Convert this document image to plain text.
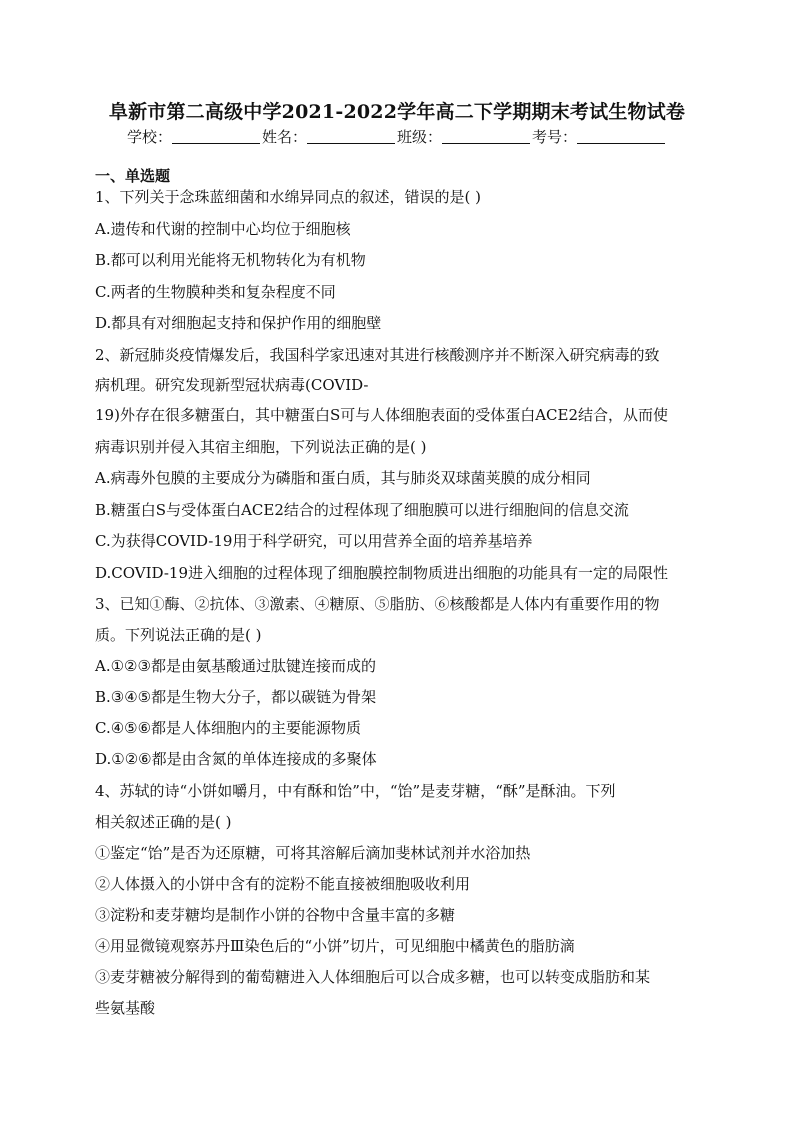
阜新市第二高级中学2021-2022学年高二下学期期末考试生物试卷
学校：	姓名：	班级：	考号：
一、单选题
1、下列关于念珠蓝细菌和水绵异同点的叙述，错误的是( )
A.遗传和代谢的控制中心均位于细胞核
B.都可以利用光能将无机物转化为有机物
C.两者的生物膜种类和复杂程度不同
D.都具有对细胞起支持和保护作用的细胞壁
2、新冠肺炎疫情爆发后，我国科学家迅速对其进行核酸测序并不断深入研究病毒的致
病机理。研究发现新型冠状病毒(COVID-
19)外存在很多糖蛋白，其中糖蛋白S可与人体细胞表面的受体蛋白ACE2结合，从而使
病毒识别并侵入其宿主细胞，下列说法正确的是( )
A.病毒外包膜的主要成分为磷脂和蛋白质，其与肺炎双球菌荚膜的成分相同
B.糖蛋白S与受体蛋白ACE2结合的过程体现了细胞膜可以进行细胞间的信息交流
C.为获得COVID-19用于科学研究，可以用营养全面的培养基培养
D.COVID-19进入细胞的过程体现了细胞膜控制物质进出细胞的功能具有一定的局限性
3、已知①酶、②抗体、③激素、④糖原、⑤脂肪、⑥核酸都是人体内有重要作用的物
质。下列说法正确的是( )
A.①②③都是由氨基酸通过肽键连接而成的
B.③④⑤都是生物大分子，都以碳链为骨架
C.④⑤⑥都是人体细胞内的主要能源物质
D.①②⑥都是由含氮的单体连接成的多聚体
4、苏轼的诗“小饼如嚼月，中有酥和饴”中，“饴”是麦芽糖，“酥”是酥油。下列
相关叙述正确的是( )
①鉴定“饴”是否为还原糖，可将其溶解后滴加斐林试剂并水浴加热
②人体摄入的小饼中含有的淀粉不能直接被细胞吸收利用
③淀粉和麦芽糖均是制作小饼的谷物中含量丰富的多糖
④用显微镜观察苏丹Ⅲ染色后的“小饼”切片，可见细胞中橘黄色的脂肪滴
③麦芽糖被分解得到的葡萄糖进入人体细胞后可以合成多糖，也可以转变成脂肪和某
些氨基酸
